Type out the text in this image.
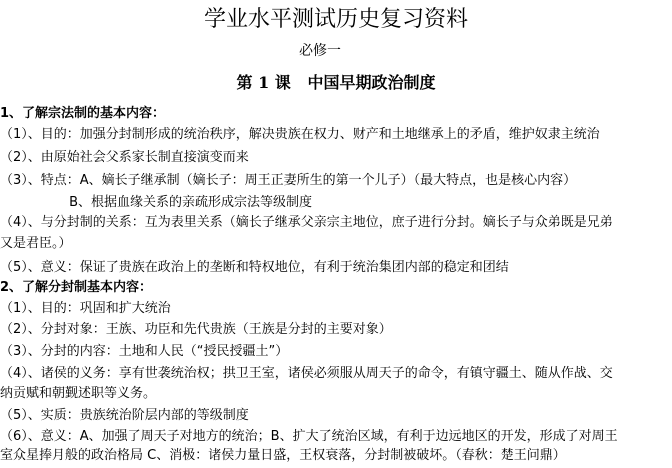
学业水平测试历史复习资料
必修一
第 1 课   中国早期政治制度
1、了解宗法制的基本内容：
（1）、目的：加强分封制形成的统治秩序，解决贵族在权力、财产和土地继承上的矛盾，维护奴隶主统治
（2）、由原始社会父系家长制直接演变而来
（3）、特点：A、嫡长子继承制（嫡长子：周王正妻所生的第一个儿子）（最大特点，也是核心内容）
　　　　　 B、根据血缘关系的亲疏形成宗法等级制度
（4）、与分封制的关系：互为表里关系（嫡长子继承父亲宗主地位，庶子进行分封。嫡长子与众弟既是兄弟
又是君臣。）
（5）、意义：保证了贵族在政治上的垄断和特权地位，有利于统治集团内部的稳定和团结
2、了解分封制基本内容：
（1）、目的：巩固和扩大统治
（2）、分封对象：王族、功臣和先代贵族（王族是分封的主要对象）
（3）、分封的内容：土地和人民（“授民授疆土”）
（4）、诸侯的义务：享有世袭统治权；拱卫王室，诸侯必须服从周天子的命令，有镇守疆土、随从作战、交
纳贡赋和朝觐述职等义务。
（5）、实质：贵族统治阶层内部的等级制度
（6）、意义：A、加强了周天子对地方的统治；B、扩大了统治区域，有利于边远地区的开发，形成了对周王
室众星捧月般的政治格局 C、消极：诸侯力量日盛，王权衰落，分封制被破坏。（春秋：楚王问鼎）
